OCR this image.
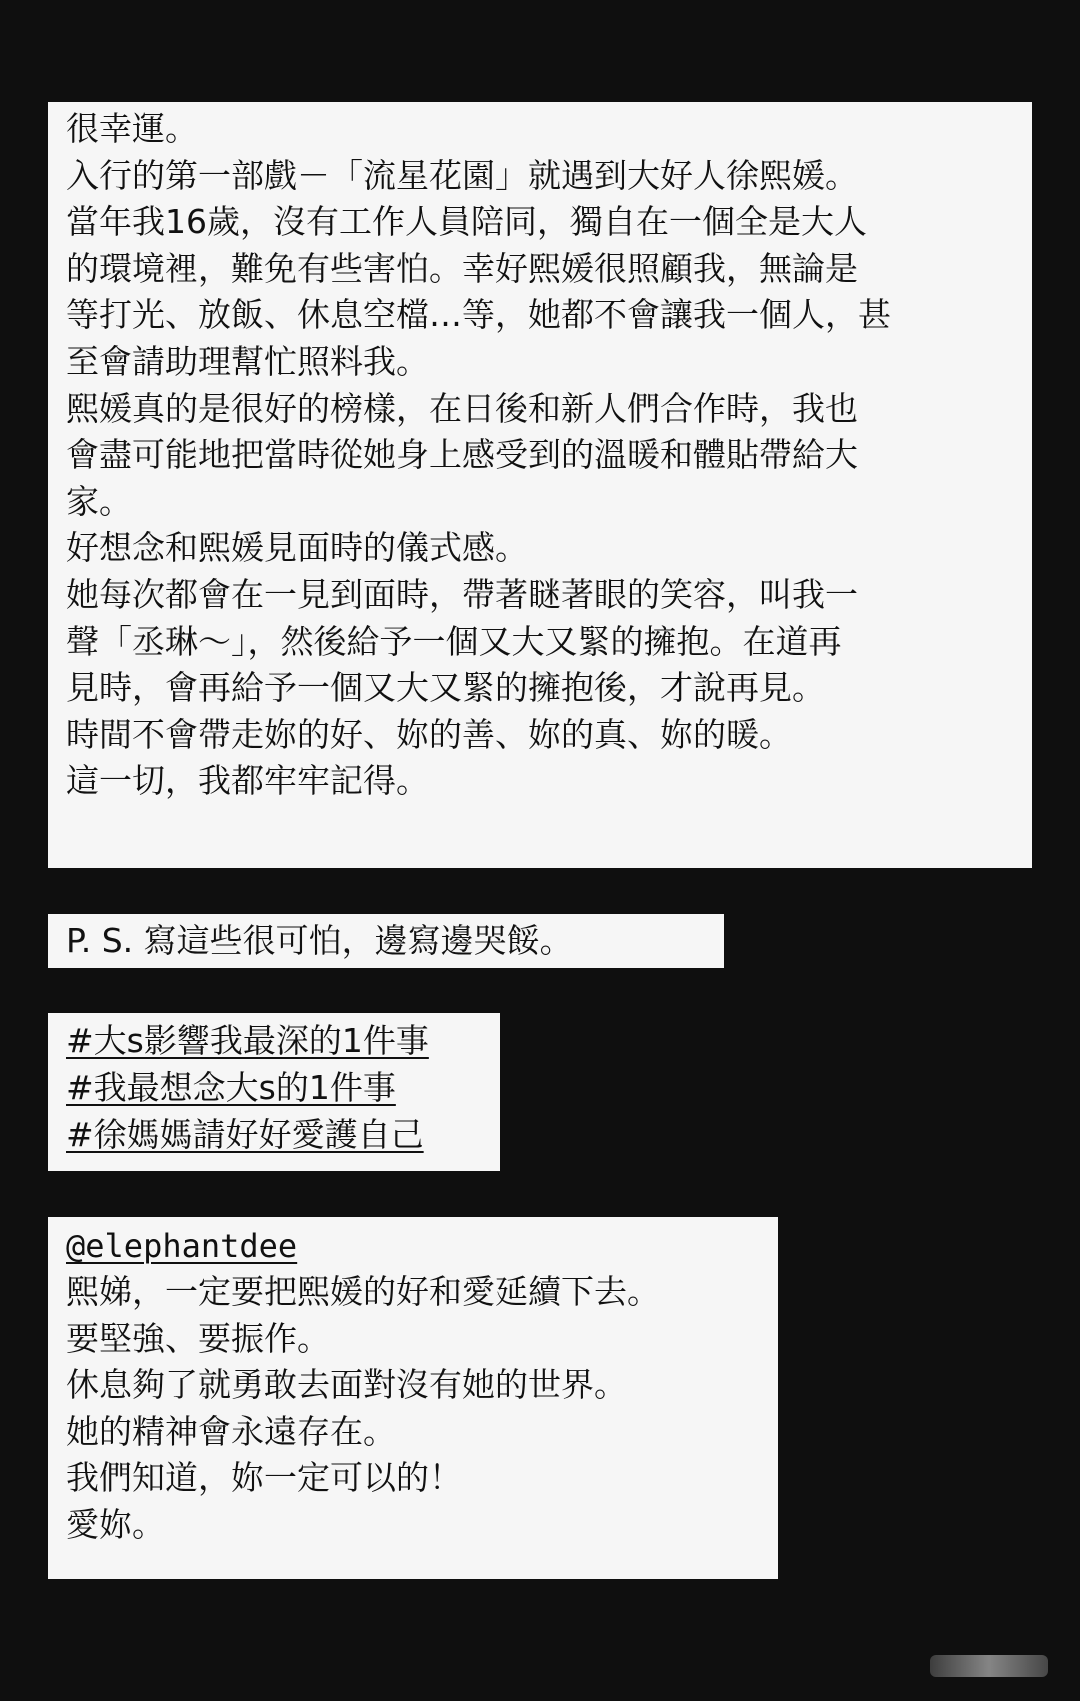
很幸運。
入行的第一部戲－「流星花園」就遇到大好人徐熙媛。
當年我16歲，沒有工作人員陪同，獨自在一個全是大人
的環境裡，難免有些害怕。幸好熙媛很照顧我，無論是
等打光、放飯、休息空檔…等，她都不會讓我一個人，甚
至會請助理幫忙照料我。
熙媛真的是很好的榜樣，在日後和新人們合作時，我也
會盡可能地把當時從她身上感受到的溫暖和體貼帶給大
家。
好想念和熙媛見面時的儀式感。
她每次都會在一見到面時，帶著瞇著眼的笑容，叫我一
聲「丞琳～」，然後給予一個又大又緊的擁抱。在道再
見時，會再給予一個又大又緊的擁抱後，才說再見。
時間不會帶走妳的好、妳的善、妳的真、妳的暖。
這一切，我都牢牢記得。
P. S. 寫這些很可怕，邊寫邊哭餒。
#大s影響我最深的1件事
#我最想念大s的1件事
#徐媽媽請好好愛護自己
@elephantdee
熙娣，一定要把熙媛的好和愛延續下去。
要堅強、要振作。
休息夠了就勇敢去面對沒有她的世界。
她的精神會永遠存在。
我們知道，妳一定可以的！
愛妳。
